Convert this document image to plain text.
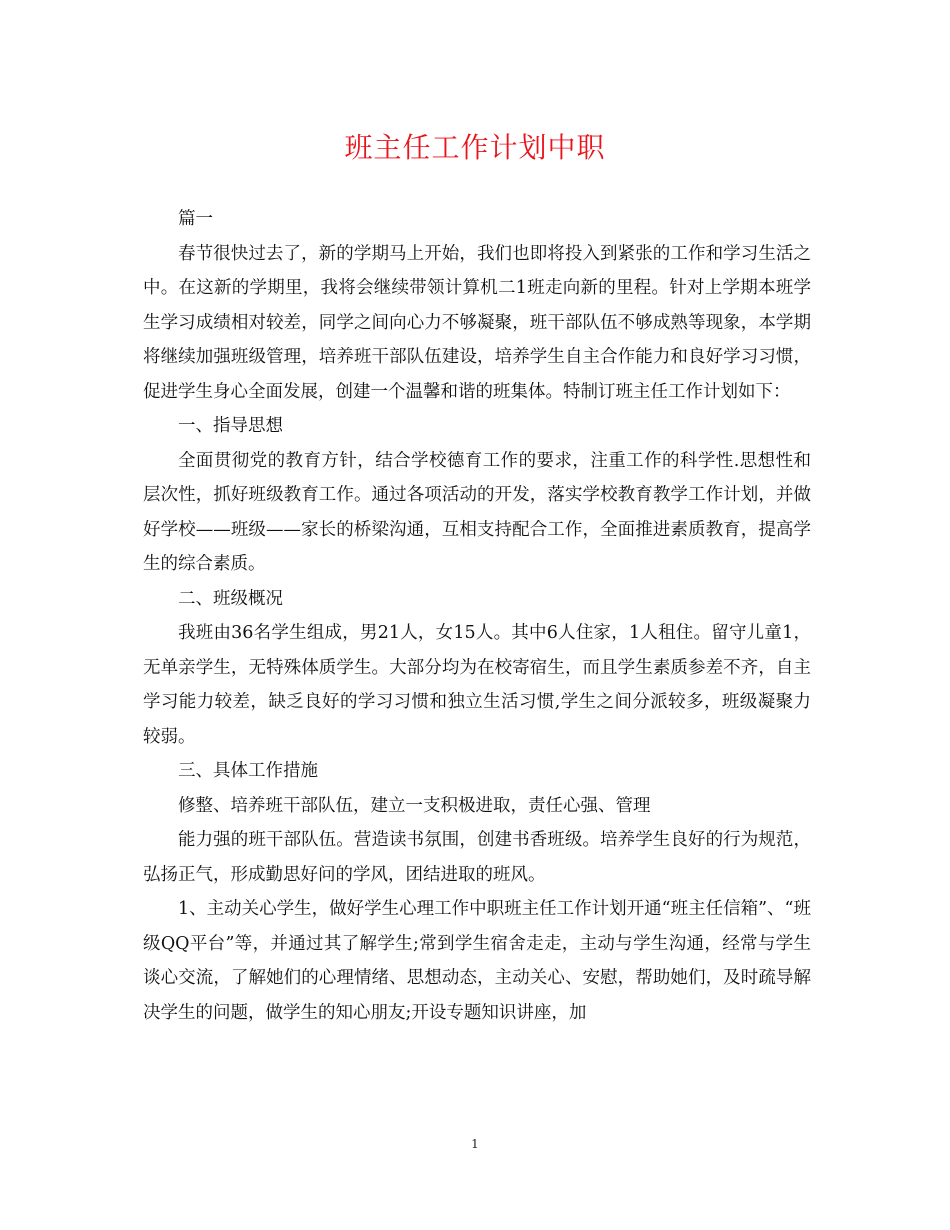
班主任工作计划中职

篇一

春节很快过去了，新的学期马上开始，我们也即将投入到紧张的工作和学习生活之中。在这新的学期里，我将会继续带领计算机二1班走向新的里程。针对上学期本班学生学习成绩相对较差，同学之间向心力不够凝聚，班干部队伍不够成熟等现象，本学期将继续加强班级管理，培养班干部队伍建设，培养学生自主合作能力和良好学习习惯，促进学生身心全面发展，创建一个温馨和谐的班集体。特制订班主任工作计划如下：

一、指导思想

全面贯彻党的教育方针，结合学校德育工作的要求，注重工作的科学性.思想性和层次性，抓好班级教育工作。通过各项活动的开发，落实学校教育教学工作计划，并做好学校——班级——家长的桥梁沟通，互相支持配合工作，全面推进素质教育，提高学生的综合素质。

二、班级概况

我班由36名学生组成，男21人，女15人。其中6人住家，1人租住。留守儿童1，无单亲学生，无特殊体质学生。大部分均为在校寄宿生，而且学生素质参差不齐，自主学习能力较差，缺乏良好的学习习惯和独立生活习惯,学生之间分派较多，班级凝聚力较弱。

三、具体工作措施

修整、培养班干部队伍，建立一支积极进取，责任心强、管理

能力强的班干部队伍。营造读书氛围，创建书香班级。培养学生良好的行为规范，弘扬正气，形成勤思好问的学风，团结进取的班风。

1、主动关心学生，做好学生心理工作中职班主任工作计划开通“班主任信箱”、“班级QQ平台”等，并通过其了解学生;常到学生宿舍走走，主动与学生沟通，经常与学生谈心交流，了解她们的心理情绪、思想动态，主动关心、安慰，帮助她们，及时疏导解决学生的问题，做学生的知心朋友;开设专题知识讲座，加

1
